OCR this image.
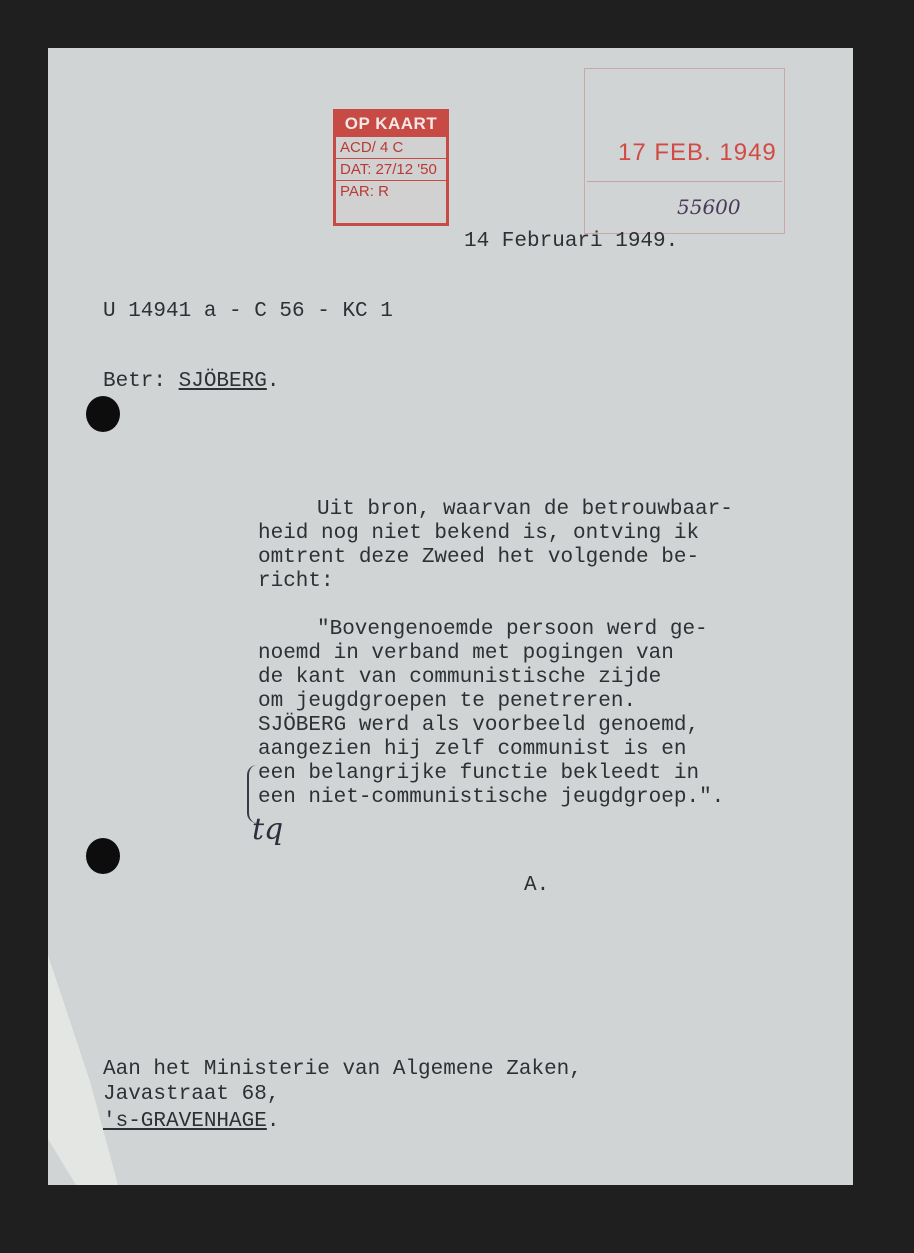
OP KAART
ACD/ 4 C
DAT: 27/12 '50
PAR: R
17 FEB. 1949
55600
14 Februari 1949.
U 14941 a - C 56 - KC 1
Betr: SJÖBERG.
Uit bron, waarvan de betrouwbaar-
heid nog niet bekend is, ontving ik
omtrent deze Zweed het volgende be-
richt:
"Bovengenoemde persoon werd ge-
noemd in verband met pogingen van
de kant van communistische zijde
om jeugdgroepen te penetreren.
SJÖBERG werd als voorbeeld genoemd,
aangezien hij zelf communist is en
een belangrijke functie bekleedt in
een niet-communistische jeugdgroep.".
tq
A.
Aan het Ministerie van Algemene Zaken,
Javastraat 68,
's-GRAVENHAGE.
